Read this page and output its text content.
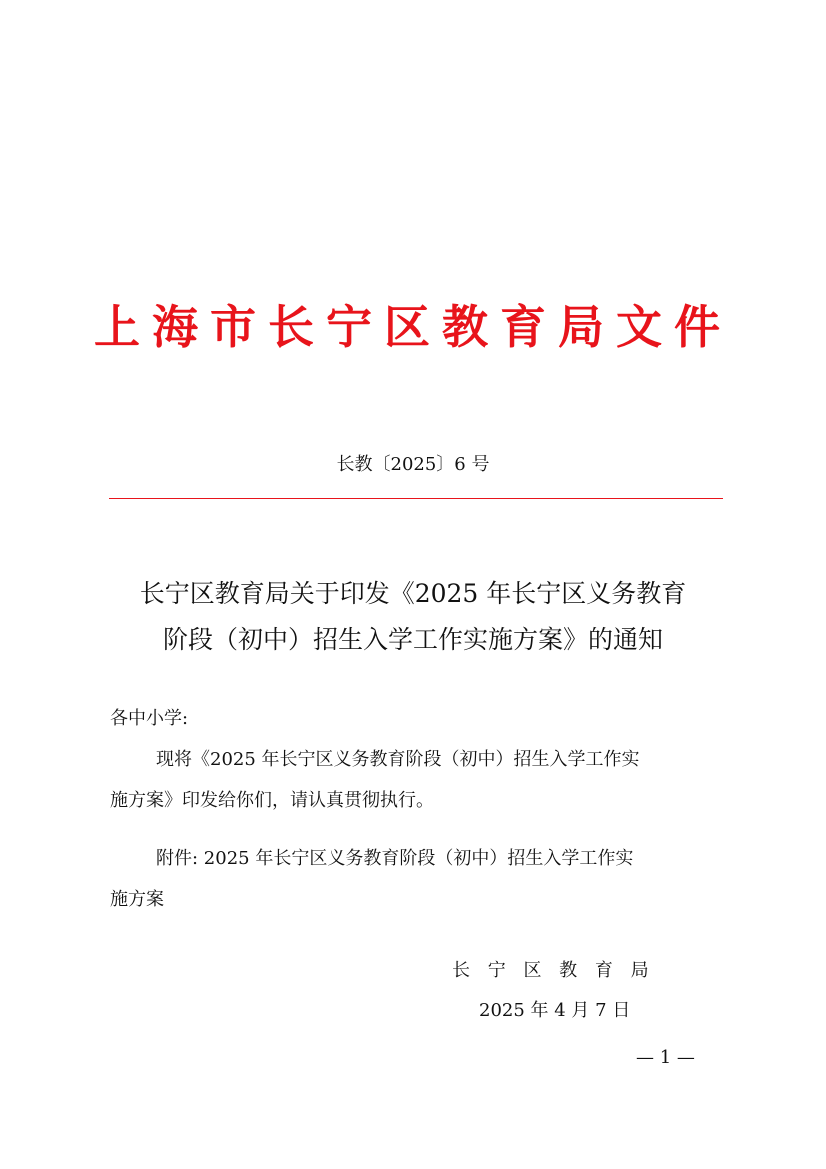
上海市长宁区教育局文件
长教〔2025〕6 号
长宁区教育局关于印发《2025 年长宁区义务教育
阶段（初中）招生入学工作实施方案》的通知
各中小学:
现将《2025 年长宁区义务教育阶段（初中）招生入学工作实
施方案》印发给你们，请认真贯彻执行。
附件: 2025 年长宁区义务教育阶段（初中）招生入学工作实
施方案
长 宁 区 教 育 局
2025 年 4 月 7 日
— 1 —
